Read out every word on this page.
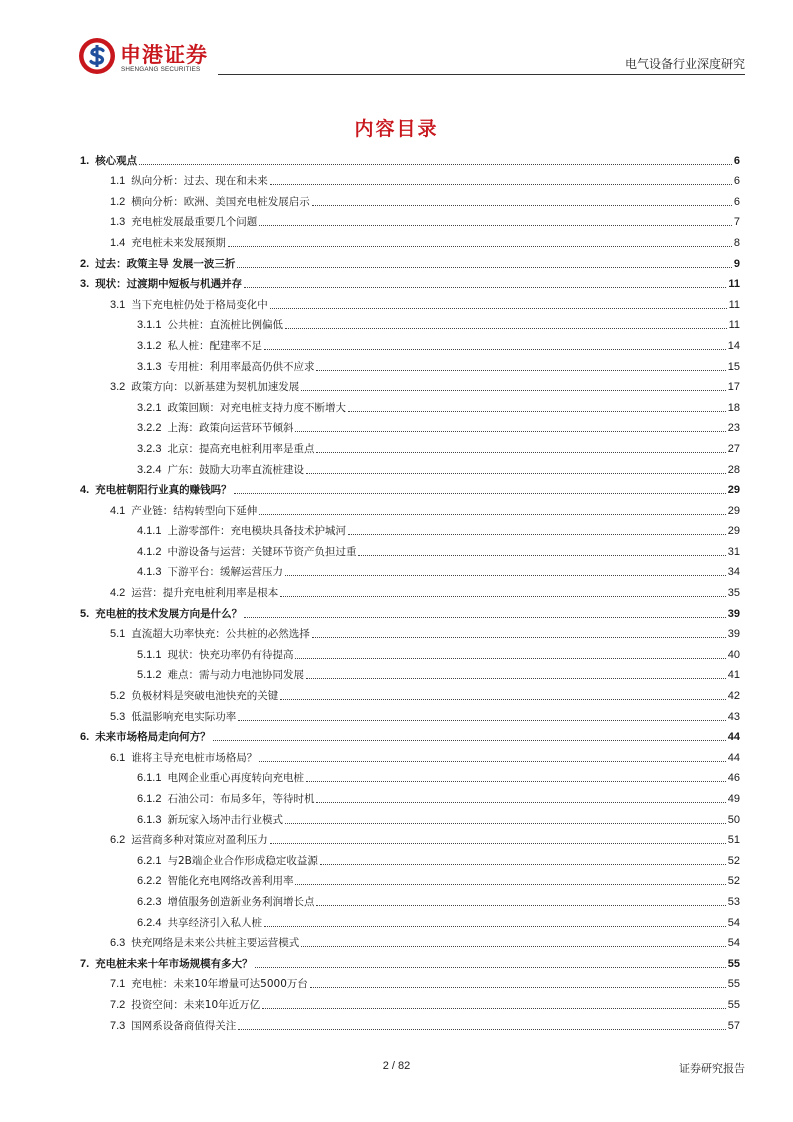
申港证券
SHENGANG SECURITIES	电气设备行业深度研究
内容目录
1. 核心观点	6
1.1 纵向分析：过去、现在和未来	6
1.2 横向分析：欧洲、美国充电桩发展启示	6
1.3 充电桩发展最重要几个问题	7
1.4 充电桩未来发展预期	8
2. 过去：政策主导 发展一波三折	9
3. 现状：过渡期中短板与机遇并存	11
3.1 当下充电桩仍处于格局变化中	11
3.1.1 公共桩：直流桩比例偏低	11
3.1.2 私人桩：配建率不足	14
3.1.3 专用桩：利用率最高仍供不应求	15
3.2 政策方向：以新基建为契机加速发展	17
3.2.1 政策回顾：对充电桩支持力度不断增大	18
3.2.2 上海：政策向运营环节倾斜	23
3.2.3 北京：提高充电桩利用率是重点	27
3.2.4 广东：鼓励大功率直流桩建设	28
4. 充电桩朝阳行业真的赚钱吗？	29
4.1 产业链：结构转型向下延伸	29
4.1.1 上游零部件：充电模块具备技术护城河	29
4.1.2 中游设备与运营：关键环节资产负担过重	31
4.1.3 下游平台：缓解运营压力	34
4.2 运营：提升充电桩利用率是根本	35
5. 充电桩的技术发展方向是什么？	39
5.1 直流超大功率快充：公共桩的必然选择	39
5.1.1 现状：快充功率仍有待提高	40
5.1.2 难点：需与动力电池协同发展	41
5.2 负极材料是突破电池快充的关键	42
5.3 低温影响充电实际功率	43
6. 未来市场格局走向何方？	44
6.1 谁将主导充电桩市场格局？	44
6.1.1 电网企业重心再度转向充电桩	46
6.1.2 石油公司：布局多年，等待时机	49
6.1.3 新玩家入场冲击行业模式	50
6.2 运营商多种对策应对盈利压力	51
6.2.1 与2B端企业合作形成稳定收益源	52
6.2.2 智能化充电网络改善利用率	52
6.2.3 增值服务创造新业务利润增长点	53
6.2.4 共享经济引入私人桩	54
6.3 快充网络是未来公共桩主要运营模式	54
7. 充电桩未来十年市场规模有多大？	55
7.1 充电桩：未来10年增量可达5000万台	55
7.2 投资空间：未来10年近万亿	55
7.3 国网系设备商值得关注	57
2 / 82	证券研究报告
